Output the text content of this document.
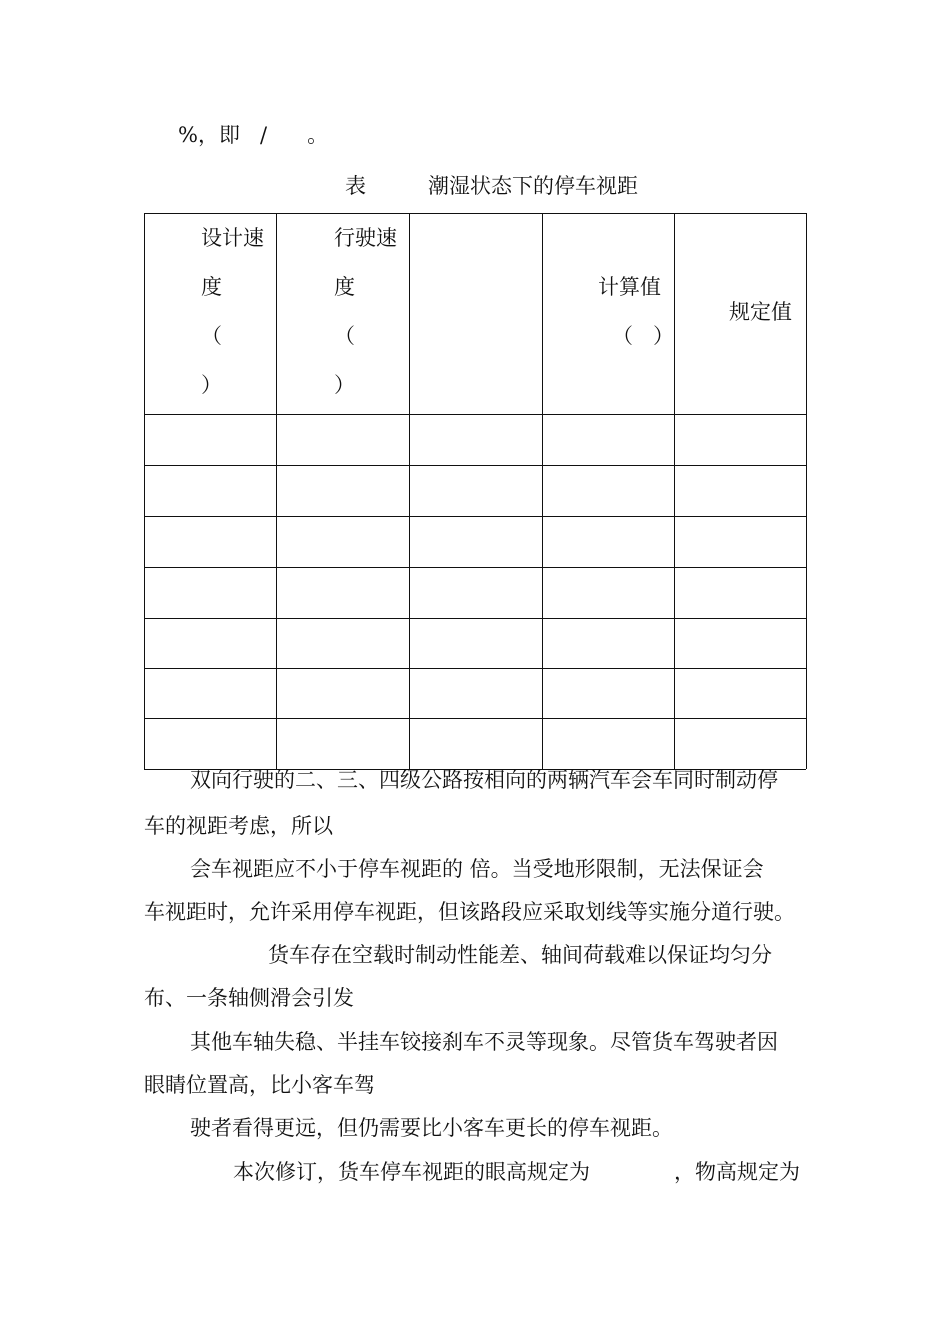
%，即   /      。
表	潮湿状态下的停车视距
设计速
度
（
）
行驶速
度
（
）
计算值
（   ）
规定值
双向行驶的二、三、四级公路按相向的两辆汽车会车同时制动停
车的视距考虑，所以
会车视距应不小于停车视距的 倍。当受地形限制，无法保证会
车视距时，允许采用停车视距，但该路段应采取划线等实施分道行驶。
货车存在空载时制动性能差、轴间荷载难以保证均匀分
布、一条轴侧滑会引发
其他车轴失稳、半挂车铰接刹车不灵等现象。尽管货车驾驶者因
眼睛位置高，比小客车驾
驶者看得更远，但仍需要比小客车更长的停车视距。
本次修订，货车停车视距的眼高规定为	，物高规定为
